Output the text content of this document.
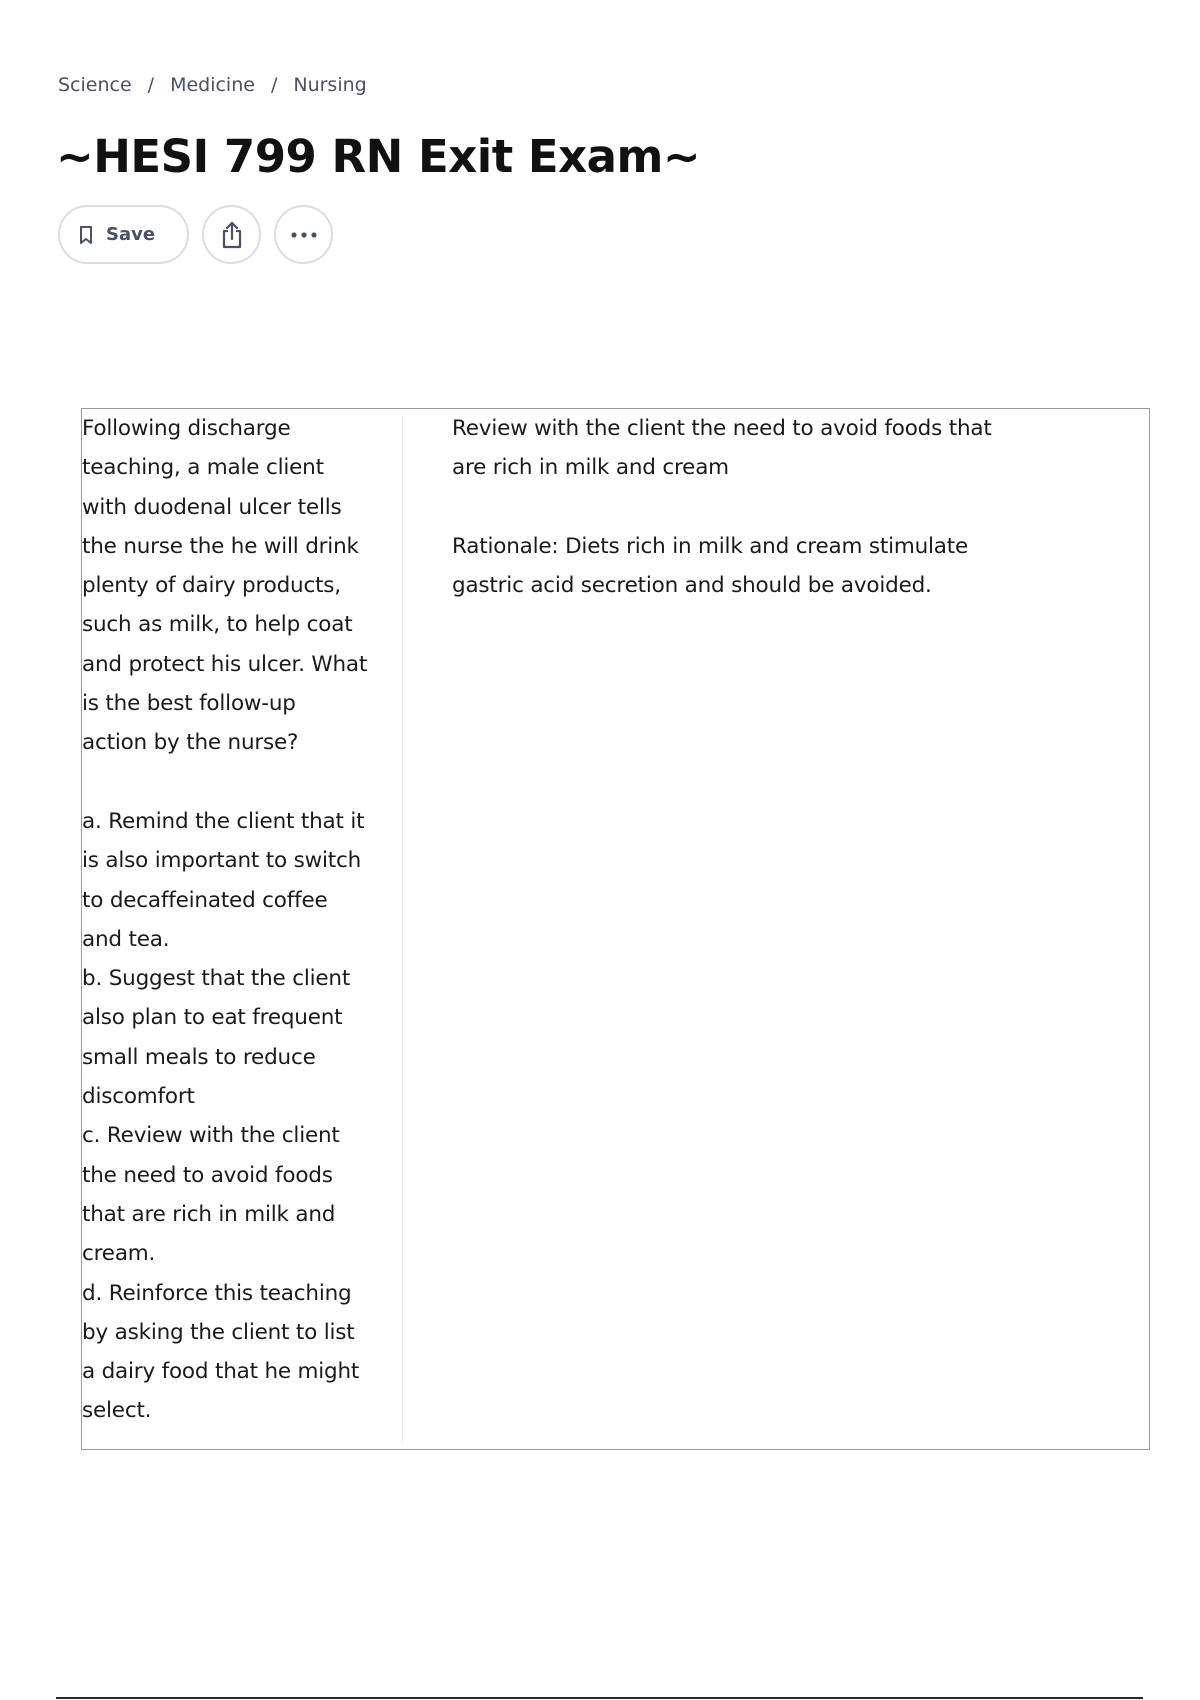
Science / Medicine / Nursing
~HESI 799 RN Exit Exam~
Save
Following discharge
teaching, a male client
with duodenal ulcer tells
the nurse the he will drink
plenty of dairy products,
such as milk, to help coat
and protect his ulcer. What
is the best follow-up
action by the nurse?
a. Remind the client that it
is also important to switch
to decaffeinated coffee
and tea.
b. Suggest that the client
also plan to eat frequent
small meals to reduce
discomfort
c. Review with the client
the need to avoid foods
that are rich in milk and
cream.
d. Reinforce this teaching
by asking the client to list
a dairy food that he might
select.
Review with the client the need to avoid foods that
are rich in milk and cream
Rationale: Diets rich in milk and cream stimulate
gastric acid secretion and should be avoided.
